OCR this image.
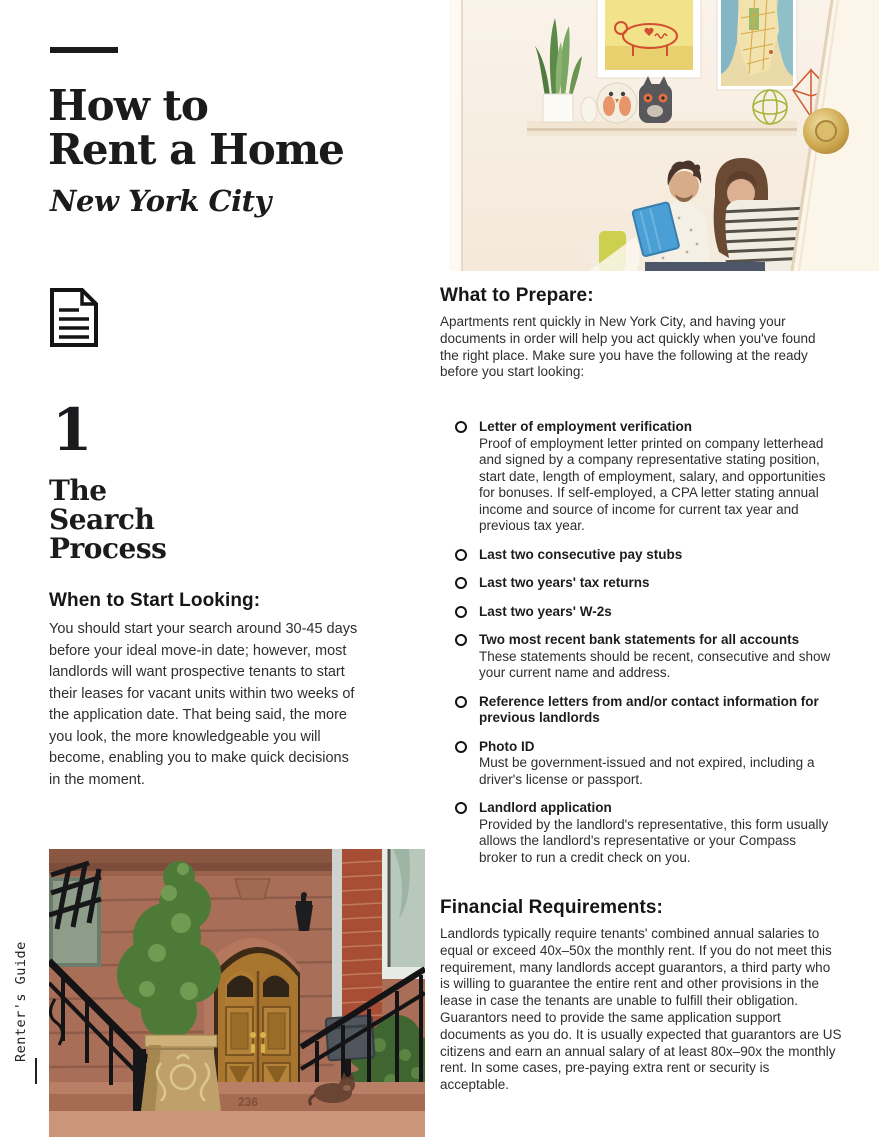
How to
Rent a Home
New York City
1
The
Search
Process
When to Start Looking:

You should start your search around 30-45 days before your ideal move-in date; however, most landlords will want prospective tenants to start their leases for vacant units within two weeks of the application date. That being said, the more you look, the more knowledgeable you will become, enabling you to make quick decisions in the moment.

What to Prepare:

Apartments rent quickly in New York City, and having your documents in order will help you act quickly when you've found the right place. Make sure you have the following at the ready before you start looking:

Letter of employment verification
Proof of employment letter printed on company letterhead and signed by a company representative stating position, start date, length of employment, salary, and opportunities for bonuses. If self-employed, a CPA letter stating annual income and source of income for current tax year and previous tax year.
Last two consecutive pay stubs
Last two years' tax returns
Last two years' W-2s
Two most recent bank statements for all accounts
These statements should be recent, consecutive and show your current name and address.
Reference letters from and/or contact information for previous landlords
Photo ID
Must be government-issued and not expired, including a driver's license or passport.
Landlord application
Provided by the landlord's representative, this form usually allows the landlord's representative or your Compass broker to run a credit check on you.
236
Financial Requirements:

Landlords typically require tenants' combined annual salaries to equal or exceed 40x–50x the monthly rent. If you do not meet this requirement, many landlords accept guarantors, a third party who is willing to guarantee the entire rent and other provisions in the lease in case the tenants are unable to fulfill their obligation. Guarantors need to provide the same application support documents as you do. It is usually expected that guarantors are US citizens and earn an annual salary of at least 80x–90x the monthly rent. In some cases, pre-paying extra rent or security is acceptable.

Renter's Guide
